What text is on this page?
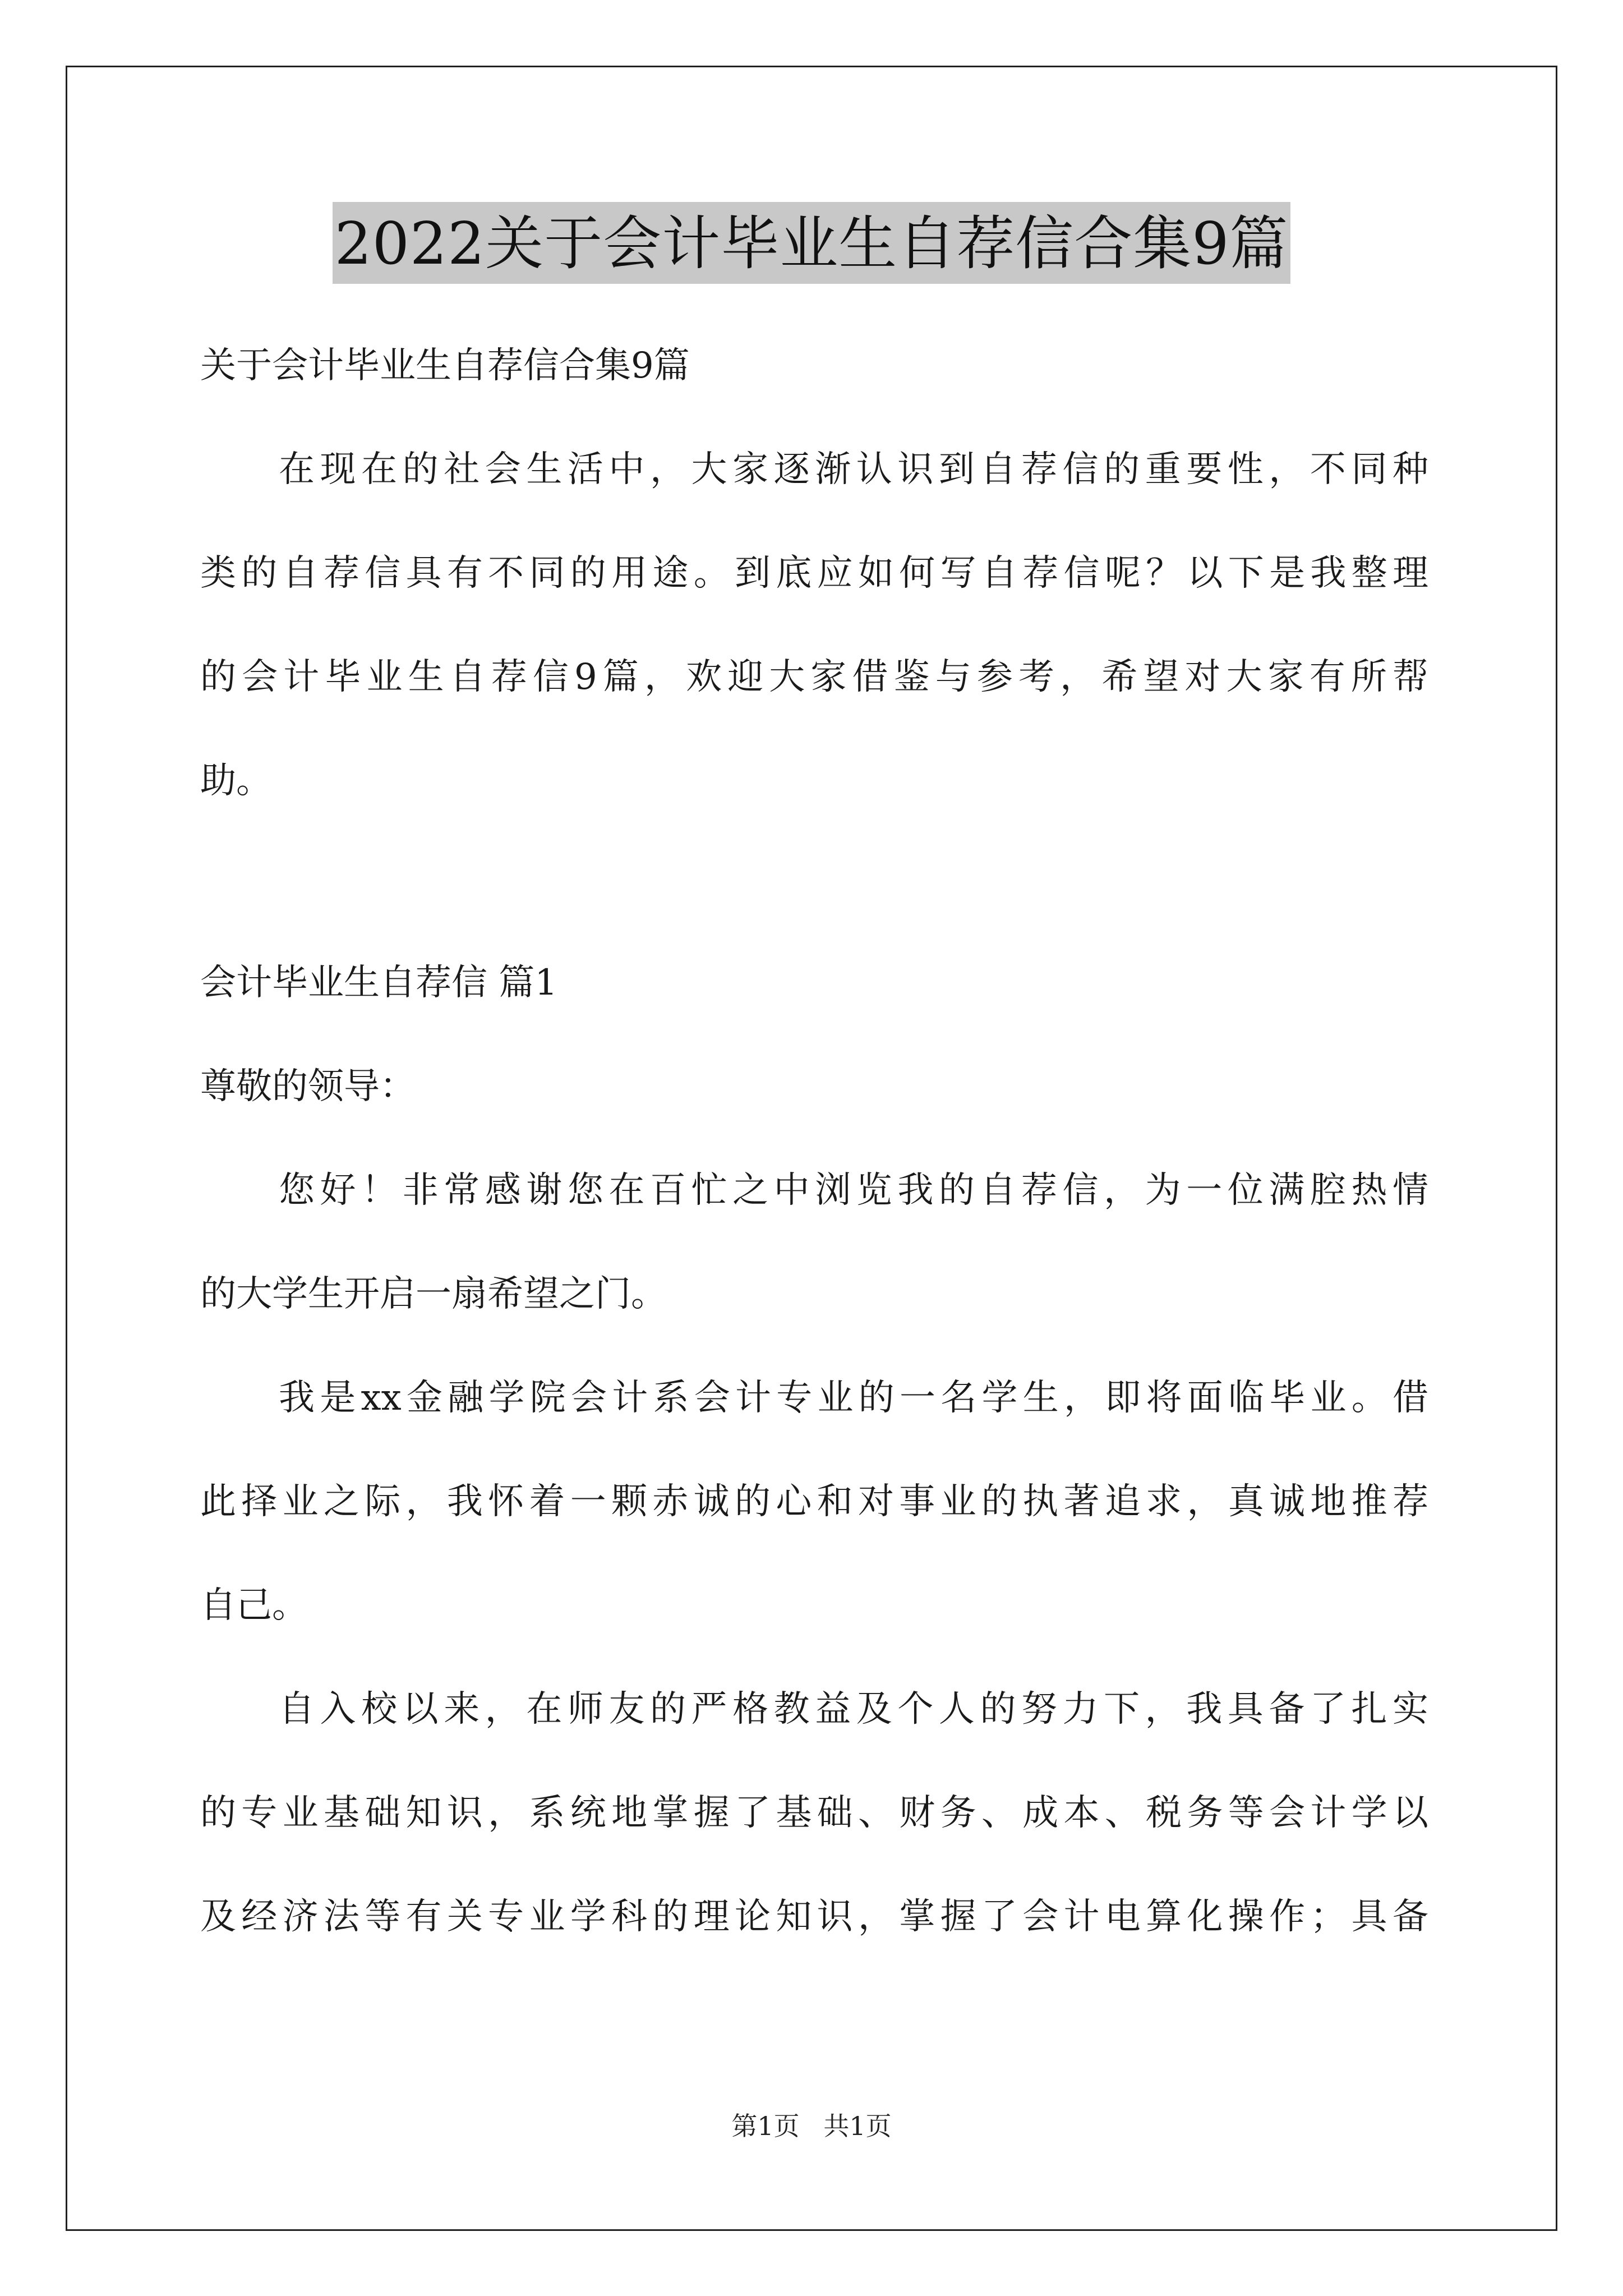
2022关于会计毕业生自荐信合集9篇

关于会计毕业生自荐信合集9篇

在现在的社会生活中，大家逐渐认识到自荐信的重要性，不同种
类的自荐信具有不同的用途。到底应如何写自荐信呢？以下是我整理
的会计毕业生自荐信9篇，欢迎大家借鉴与参考，希望对大家有所帮
助。

会计毕业生自荐信 篇1

尊敬的领导：

您好！非常感谢您在百忙之中浏览我的自荐信，为一位满腔热情
的大学生开启一扇希望之门。

我是xx金融学院会计系会计专业的一名学生，即将面临毕业。借
此择业之际，我怀着一颗赤诚的心和对事业的执著追求，真诚地推荐
自己。

自入校以来，在师友的严格教益及个人的努力下，我具备了扎实
的专业基础知识，系统地掌握了基础、财务、成本、税务等会计学以
及经济法等有关专业学科的理论知识，掌握了会计电算化操作；具备

第1页 共1页
